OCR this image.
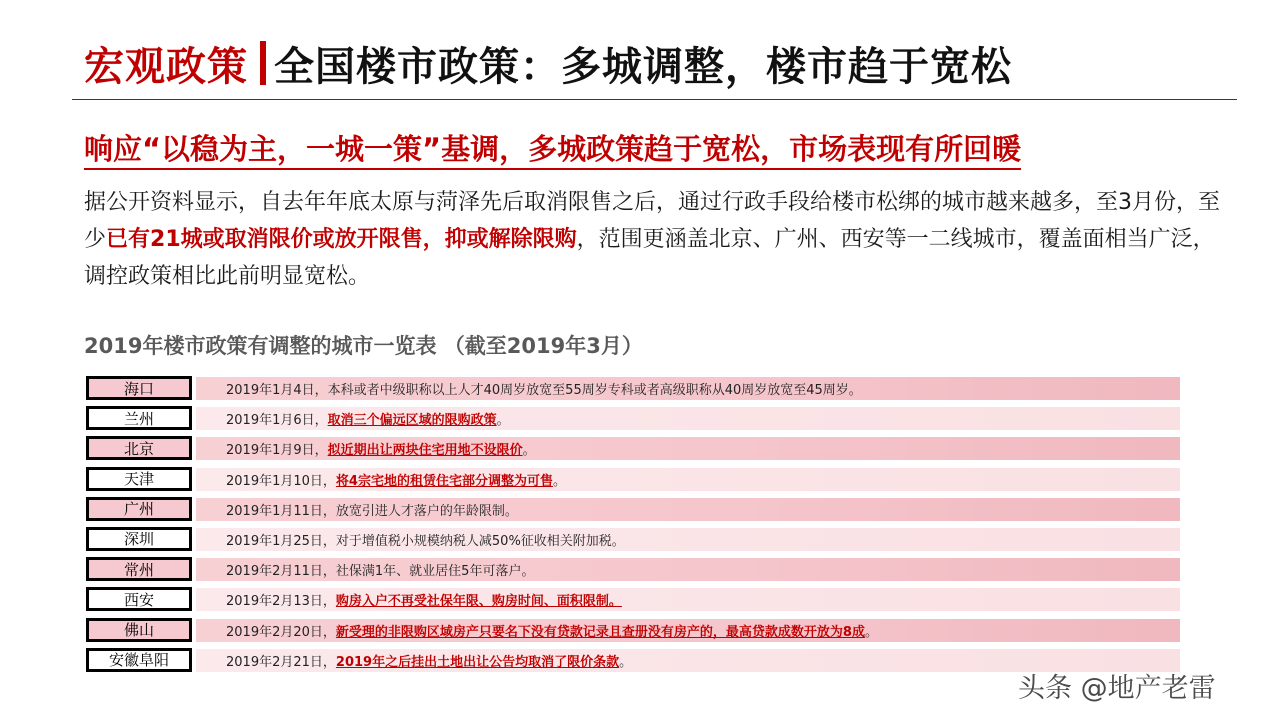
宏观政策 全国楼市政策：多城调整，楼市趋于宽松
响应“以稳为主，一城一策”基调，多城政策趋于宽松，市场表现有所回暖
据公开资料显示，自去年年底太原与菏泽先后取消限售之后，通过行政手段给楼市松绑的城市越来越多，至3月份，至少已有21城或取消限价或放开限售，抑或解除限购，范围更涵盖北京、广州、西安等一二线城市，覆盖面相当广泛，调控政策相比此前明显宽松。
2019年楼市政策有调整的城市一览表 （截至2019年3月）
海口	2019年1月4日， 本科或者中级职称以上人才40周岁放宽至55周岁专科或者高级职称从40周岁放宽至45周岁。
兰州	2019年1月6日， 取消三个偏远区域的限购政策 。
北京	2019年1月9日， 拟近期出让两块住宅用地不设限价 。
天津	2019年1月10日， 将4宗宅地的租赁住宅部分调整为可售 。
广州	2019年1月11日， 放宽引进人才落户的年龄限制。
深圳	2019年1月25日， 对于增值税小规模纳税人减50%征收相关附加税。
常州	2019年2月11日， 社保满1年、就业居住5年可落户。
西安	2019年2月13日， 购房入户不再受社保年限、购房时间、面积限制。
佛山	2019年2月20日， 新受理的非限购区域房产只要名下没有贷款记录且查册没有房产的，最高贷款成数开放为8成 。
安徽阜阳	2019年2月21日， 2019年之后挂出土地出让公告均取消了限价条款 。
头条 @地产老雷
